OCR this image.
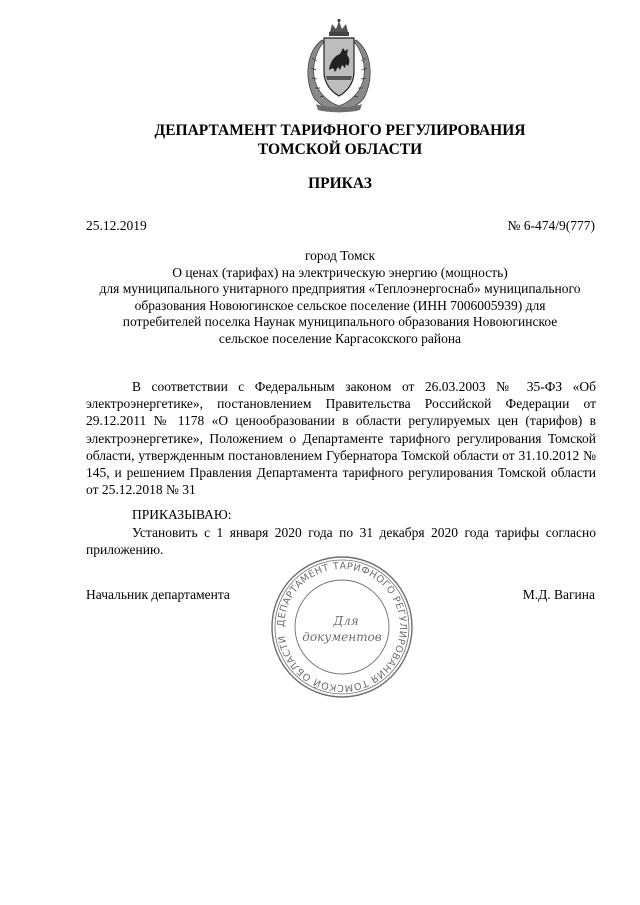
ДЕПАРТАМЕНТ ТАРИФНОГО РЕГУЛИРОВАНИЯ
ТОМСКОЙ ОБЛАСТИ
ПРИКАЗ
25.12.2019	№ 6-474/9(777)
город Томск
О ценах (тарифах) на электрическую энергию (мощность)
для муниципального унитарного предприятия «Теплоэнергоснаб» муниципального
образования Новоюгинское сельское поселение (ИНН 7006005939) для
потребителей поселка Наунак муниципального образования Новоюгинское
сельское поселение Каргасокского района
В соответствии с Федеральным законом от 26.03.2003 № 35-ФЗ «Об электроэнергетике», постановлением Правительства Российской Федерации от 29.12.2011 № 1178 «О ценообразовании в области регулируемых цен (тарифов) в электроэнергетике», Положением о Департаменте тарифного регулирования Томской области, утвержденным постановлением Губернатора Томской области от 31.10.2012 № 145, и решением Правления Департамента тарифного регулирования Томской области от 25.12.2018 № 31
ПРИКАЗЫВАЮ:
Установить с 1 января 2020 года по 31 декабря 2020 года тарифы согласно приложению.
Начальник департамента	М.Д. Вагина
ДЕПАРТАМЕНТ ТАРИФНОГО РЕГУЛИРОВАНИЯ ТОМСКОЙ ОБЛАСТИ
Для
документов
